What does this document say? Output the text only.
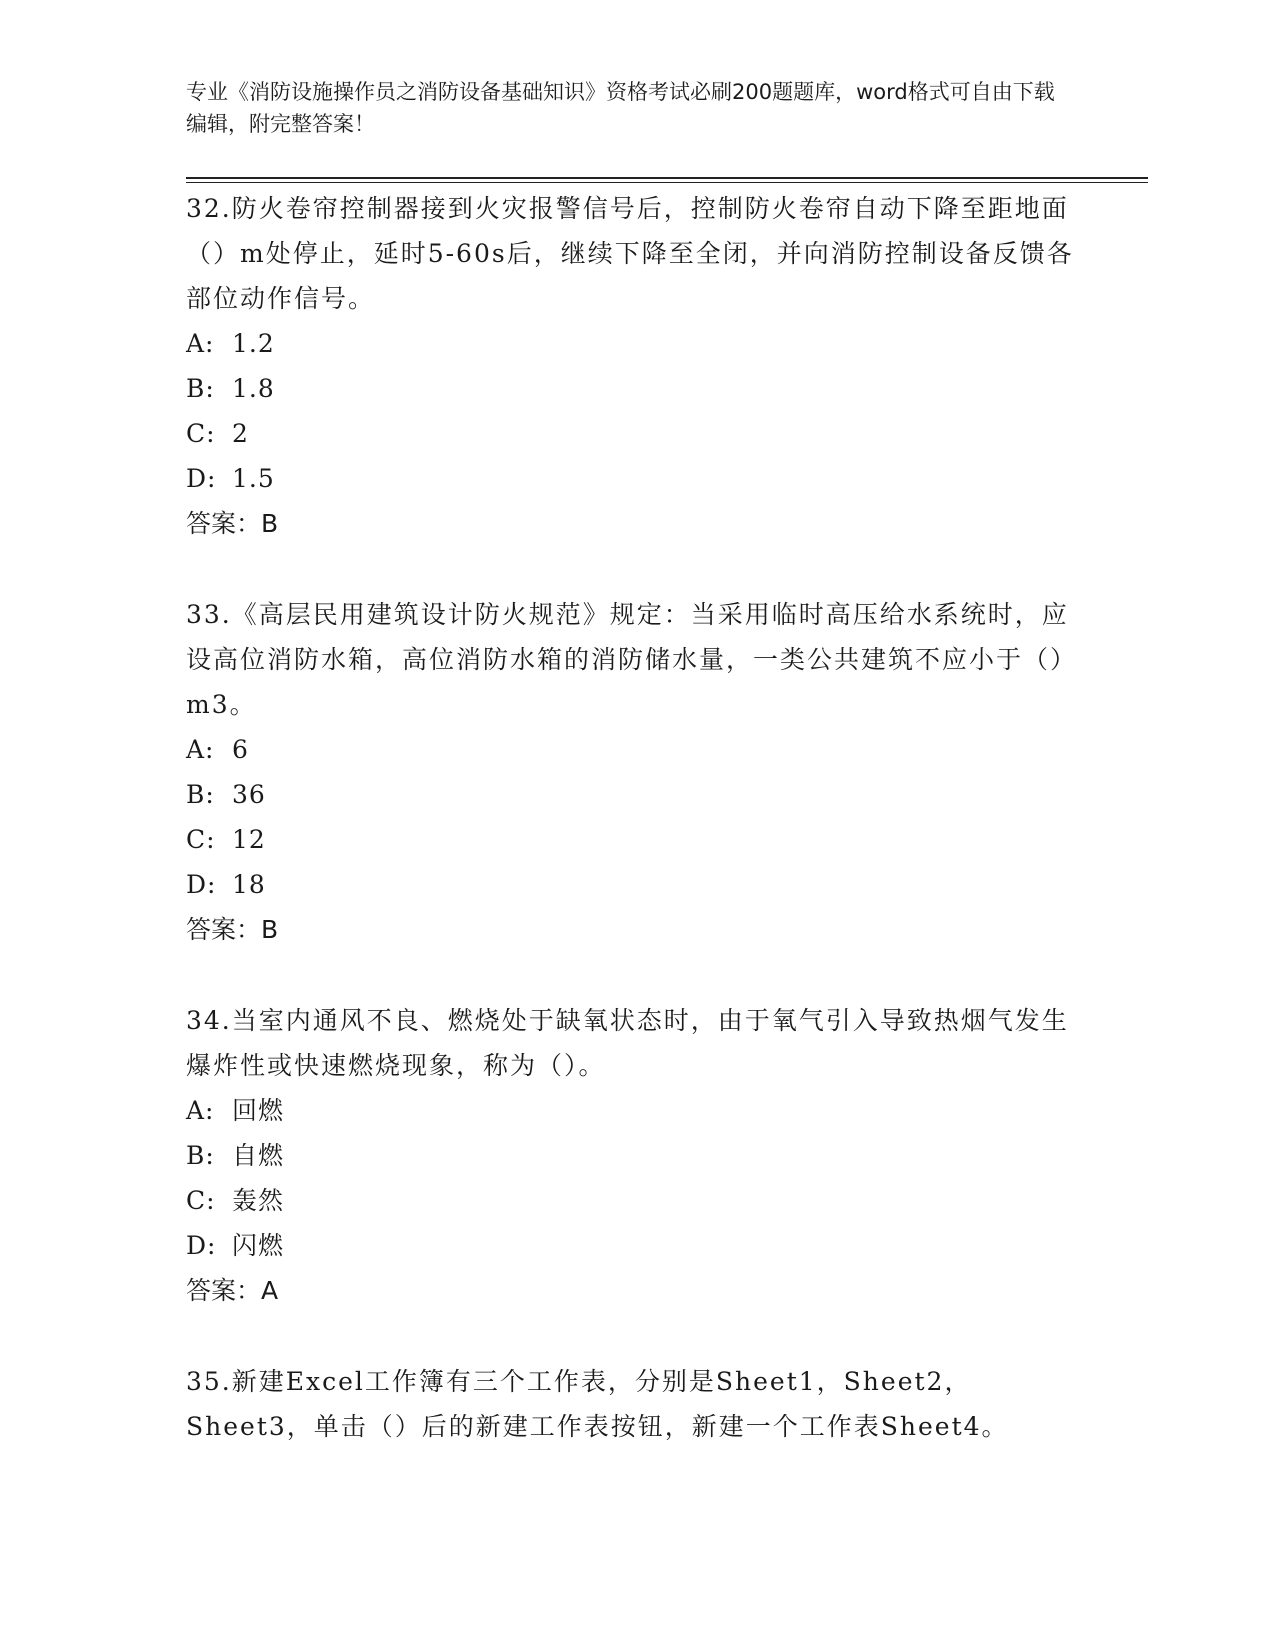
专业《消防设施操作员之消防设备基础知识》资格考试必刷200题题库，word格式可自由下载编辑，附完整答案！

32.防火卷帘控制器接到火灾报警信号后，控制防火卷帘自动下降至距地面（）m处停止，延时5-60s后，继续下降至全闭，并向消防控制设备反馈各部位动作信号。

A: 1.2

B: 1.8

C: 2

D: 1.5

答案：B

33.《高层民用建筑设计防火规范》规定：当采用临时高压给水系统时，应设高位消防水箱，高位消防水箱的消防储水量，一类公共建筑不应小于（）m3。

A: 6

B: 36

C: 12

D: 18

答案：B

34.当室内通风不良、燃烧处于缺氧状态时，由于氧气引入导致热烟气发生爆炸性或快速燃烧现象，称为（）。

A: 回燃

B: 自燃

C: 轰然

D: 闪燃

答案：A

35.新建Excel工作簿有三个工作表，分别是Sheet1，Sheet2，Sheet3，单击（）后的新建工作表按钮，新建一个工作表Sheet4。
